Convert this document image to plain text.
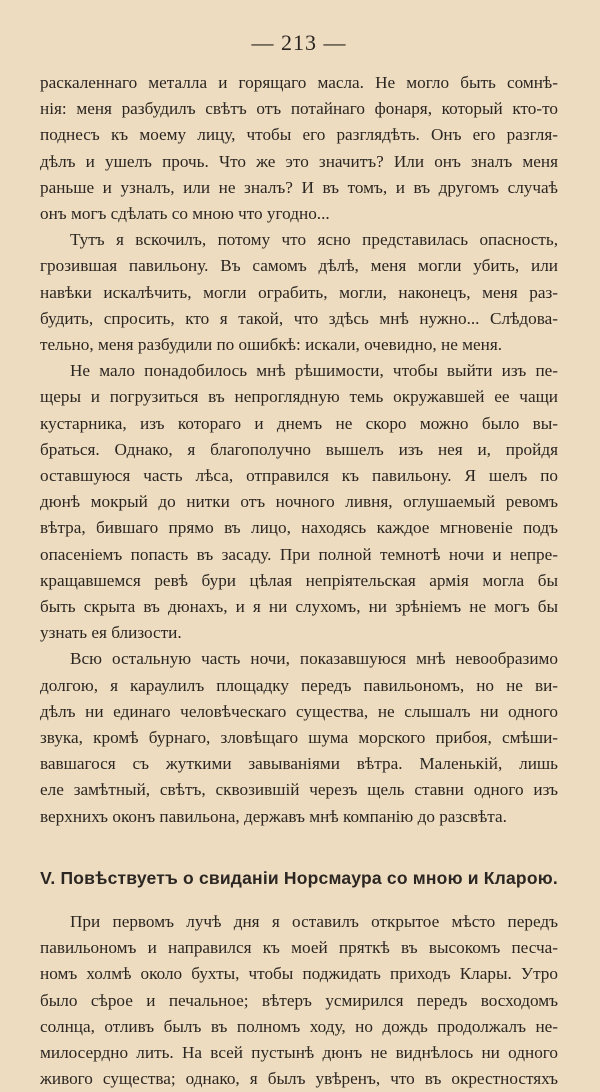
— 213 —
раскаленнаго металла и горящаго масла. Не могло быть сомнѣ-
нія: меня разбудилъ свѣтъ отъ потайнаго фонаря, который кто-то
поднесъ къ моему лицу, чтобы его разглядѣть. Онъ его разгля-
дѣлъ и ушелъ прочь. Что же это значитъ? Или онъ зналъ меня
раньше и узналъ, или не зналъ? И въ томъ, и въ другомъ случаѣ
онъ могъ сдѣлать со мною что угодно...
Тутъ я вскочилъ, потому что ясно представилась опасность,
грозившая павильону. Въ самомъ дѣлѣ, меня могли убить, или
навѣки искалѣчить, могли ограбить, могли, наконецъ, меня раз-
будить, спросить, кто я такой, что здѣсь мнѣ нужно... Слѣдова-
тельно, меня разбудили по ошибкѣ: искали, очевидно, не меня.
Не мало понадобилось мнѣ рѣшимости, чтобы выйти изъ пе-
щеры и погрузиться въ непроглядную темь окружавшей ее чащи
кустарника, изъ котораго и днемъ не скоро можно было вы-
браться. Однако, я благополучно вышелъ изъ нея и, пройдя
оставшуюся часть лѣса, отправился къ павильону. Я шелъ по
дюнѣ мокрый до нитки отъ ночного ливня, оглушаемый ревомъ
вѣтра, бившаго прямо въ лицо, находясь каждое мгновеніе подъ
опасеніемъ попасть въ засаду. При полной темнотѣ ночи и непре-
кращавшемся ревѣ бури цѣлая непріятельская армія могла бы
быть скрыта въ дюнахъ, и я ни слухомъ, ни зрѣніемъ не могъ бы
узнать ея близости.
Всю остальную часть ночи, показавшуюся мнѣ невообразимо
долгою, я караулилъ площадку передъ павильономъ, но не ви-
дѣлъ ни единаго человѣческаго существа, не слышалъ ни одного
звука, кромѣ бурнаго, зловѣщаго шума морского прибоя, смѣши-
вавшагося съ жуткими завываніями вѣтра. Маленькій, лишь
еле замѣтный, свѣтъ, сквозившій черезъ щель ставни одного изъ
верхнихъ оконъ павильона, державъ мнѣ компанію до разсвѣта.
V. Повѣствуетъ о свиданіи Норсмаура со мною и Кларою.
При первомъ лучѣ дня я оставилъ открытое мѣсто передъ
павильономъ и направился къ моей пряткѣ въ высокомъ песча-
номъ холмѣ около бухты, чтобы поджидать приходъ Клары. Утро
было сѣрое и печальное; вѣтеръ усмирился передъ восходомъ
солнца, отливъ былъ въ полномъ ходу, но дождь продолжалъ не-
милосердно лить. На всей пустынѣ дюнъ не виднѣлось ни одного
живого существа; однако, я былъ увѣренъ, что въ окрестностяхъ
